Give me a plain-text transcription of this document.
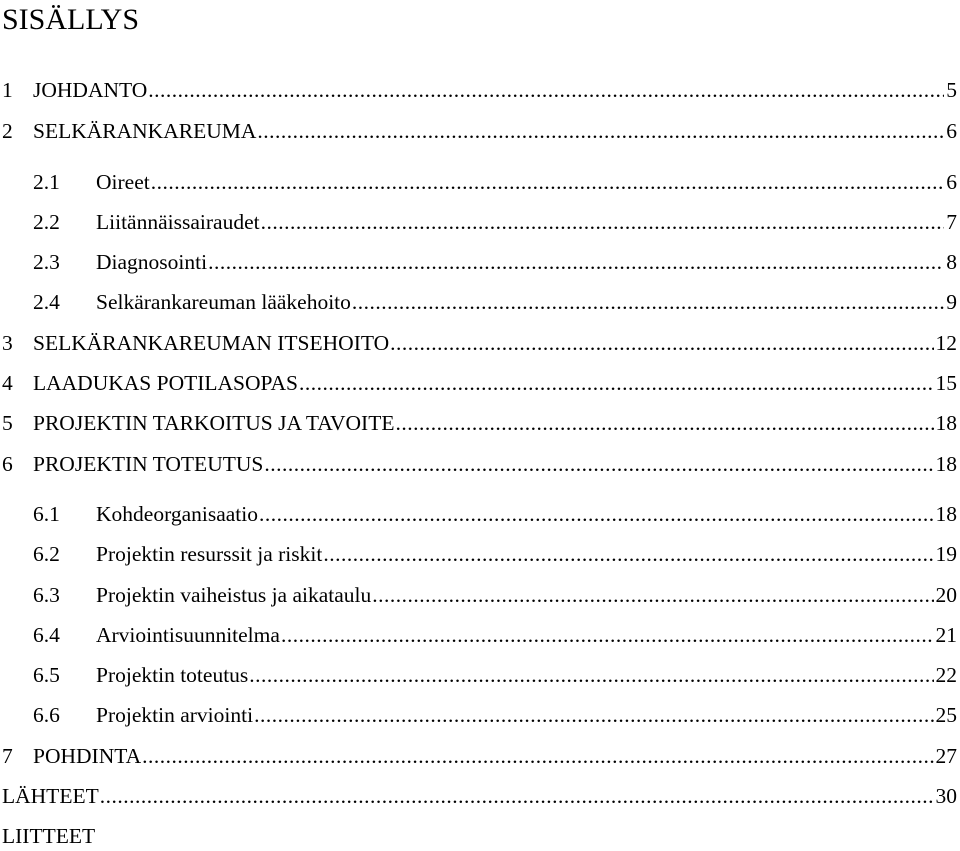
SISÄLLYS
1 JOHDANTO .....	5
2 SELKÄRANKAREUMA .....	6
2.1	Oireet .....	6
2.2	Liitännäissairaudet .....	7
2.3	Diagnosointi .....	8
2.4	Selkärankareuman lääkehoito .....	9
3 SELKÄRANKAREUMAN ITSEHOITO .....	12
4 LAADUKAS POTILASOPAS .....	15
5 PROJEKTIN TARKOITUS JA TAVOITE .....	18
6 PROJEKTIN TOTEUTUS .....	18
6.1	Kohdeorganisaatio .....	18
6.2	Projektin resurssit ja riskit .....	19
6.3	Projektin vaiheistus ja aikataulu .....	20
6.4	Arviointisuunnitelma .....	21
6.5	Projektin toteutus .....	22
6.6	Projektin arviointi .....	25
7 POHDINTA .....	27
LÄHTEET .....	30
LIITTEET
